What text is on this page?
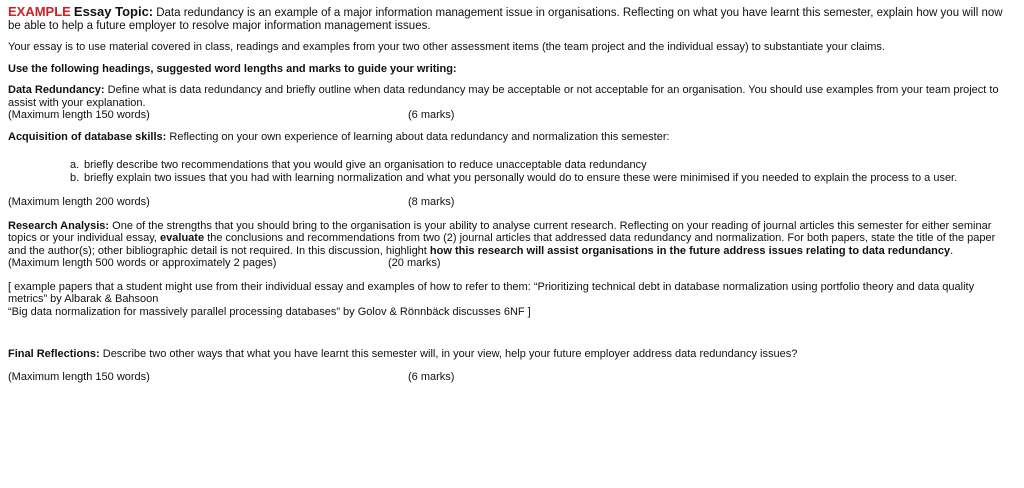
EXAMPLE Essay Topic: Data redundancy is an example of a major information management issue in organisations. Reflecting on what you have learnt this semester, explain how you will now be able to help a future employer to resolve major information management issues.

Your essay is to use material covered in class, readings and examples from your two other assessment items (the team project and the individual essay) to substantiate your claims.

Use the following headings, suggested word lengths and marks to guide your writing:

Data Redundancy: Define what is data redundancy and briefly outline when data redundancy may be acceptable or not acceptable for an organisation. You should use examples from your team project to assist with your explanation.

(Maximum length 150 words)	(6 marks)

Acquisition of database skills: Reflecting on your own experience of learning about data redundancy and normalization this semester:

a. briefly describe two recommendations that you would give an organisation to reduce unacceptable data redundancy
b. briefly explain two issues that you had with learning normalization and what you personally would do to ensure these were minimised if you needed to explain the process to a user.
(Maximum length 200 words)	(8 marks)

Research Analysis: One of the strengths that you should bring to the organisation is your ability to analyse current research. Reflecting on your reading of journal articles this semester for either seminar topics or your individual essay, evaluate the conclusions and recommendations from two (2) journal articles that addressed data redundancy and normalization. For both papers, state the title of the paper and the author(s); other bibliographic detail is not required. In this discussion, highlight how this research will assist organisations in the future address issues relating to data redundancy.

(Maximum length 500 words or approximately 2 pages)	(20 marks)

[ example papers that a student might use from their individual essay and examples of how to refer to them: “Prioritizing technical debt in database normalization using portfolio theory and data quality metrics” by Albarak & Bahsoon

“Big data normalization for massively parallel processing databases” by Golov & Rönnbäck discusses 6NF ]

Final Reflections: Describe two other ways that what you have learnt this semester will, in your view, help your future employer address data redundancy issues?

(Maximum length 150 words)	(6 marks)
